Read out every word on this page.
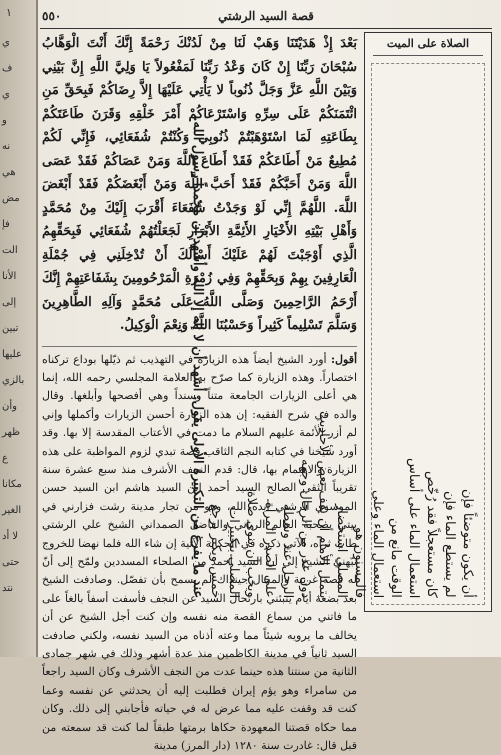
١
ي
ف
ي
و
نه
هي
مض
فإ
الت
الأنا
إلى
تبين
عليها
بالزي
وأن
ظهر
ع
مكانا
الغير
لا أد
حتى
نتد
قصة السيد الرشتي
٥٥٠
بَعْدَ إِذْ هَدَيْتَنَا وَهَبْ لَنَا مِنْ لَدُنْكَ رَحْمَةً إِنَّكَ أَنْتَ الْوَهَّابُ سُبْحَانَ رَبِّنَا إِنْ كَانَ وَعْدُ رَبِّنَا لَمَفْعُولاً يَا وَلِيَّ اللَّهِ إِنَّ بَيْنِي وَبَيْنَ اللَّهِ عَزَّ وَجَلَّ ذُنُوباً لا يَأْتِي عَلَيْهَا إِلاَّ رِضَاكُمْ فَبِحَقِّ مَنِ ائْتَمَنَكُمْ عَلَى سِرِّهِ وَاسْتَرْعَاكُمْ أَمْرَ خَلْقِهِ وَقَرَنَ طَاعَتَكُمْ بِطَاعَتِهِ لَمَا اسْتَوْهَبْتُمْ ذُنُوبِي وَكُنْتُمْ شُفَعَائِي، فَإِنِّي لَكُمْ مُطِيعٌ مَنْ أَطَاعَكُمْ فَقَدْ أَطَاعَ اللَّهَ وَمَنْ عَصَاكُمْ فَقَدْ عَصَى اللَّهَ وَمَنْ أَحَبَّكُمْ فَقَدْ أَحَبَّ اللَّهَ وَمَنْ أَبْغَضَكُمْ فَقَدْ أَبْغَضَ اللَّهَ. اللَّهُمَّ إِنِّي لَوْ وَجَدْتُ شُفَعَاءَ أَقْرَبَ إِلَيْكَ مِنْ مُحَمَّدٍ وَأَهْلِ بَيْتِهِ الأَخْيَارِ الأَئِمَّةِ الأَبْرَارِ لَجَعَلْتُهُمْ شُفَعَائِي فَبِحَقِّهِمُ الَّذِي أَوْجَبْتَ لَهُمْ عَلَيْكَ أَسْأَلُكَ أَنْ تُدْخِلَنِي فِي جُمْلَةِ الْعَارِفِينَ بِهِمْ وَبِحَقِّهِمْ وَفِي زُمْرَةِ الْمَرْحُومِينَ بِشَفَاعَتِهِمْ إِنَّكَ أَرْحَمُ الرَّاحِمِينَ وَصَلَّى اللَّهُ عَلَى مُحَمَّدٍ وَآلِهِ الطَّاهِرِينَ وَسَلَّمَ تَسْلِيماً كَثِيراً وَحَسْبُنَا اللَّهُ وَنِعْمَ الْوَكِيلُ.
أقول: أورد الشيخ أيضاً هذه الزيارة في التهذيب ثم ذيّلها بوداع تركناه اختصاراً. وهذه الزيارة كما صرّح به العلامة المجلسي رحمه الله، إنما هي أعلى الزيارات الجامعة متناً وسنداً وهي أفصحها وأبلغها. وقال والده في شرح الفقيه: إن هذه الزيارة أحسن الزيارات وأكملها وإني لم أزر الأئمة عليهم السلام ما دمت في الأعتاب المقدسة إلا بها. وقد أورد شيخنا في كتابه النجم الثاقب قصة تبدي لزوم المواظبة على هذه الزيارة والاهتمام بها، قال: قدم النجف الأشرف منذ سبع عشرة سنة تقريباً التقي الصالح السيد أحمد ابن السيد هاشم ابن السيد حسن الموسوي الرشتي أيده الله، وهو من تجار مدينة رشت فزارني في بيتي بصحبة العالم الرباني والفاضل الصمداني الشيخ علي الرشتي طاب ثراه، الآتي ذكره في الحكاية الآتية إن شاء الله فلما نهضا للخروج نبّهني الشيخ إلى أن السيد أحمد من الصلحاء المسددين ولمّح إلى أنّ له قصة غريبة والمجال حينذاك لم يسمح بأن تفصّل. وصادفت الشيخ بعد بضعة أيام ينبئني بارتحال السيد عن النجف فأسفت أسفاً بالغاً على ما فاتني من سماع القصة منه نفسه وإن كنت أجل الشيخ عن أن يخالف ما يرويه شيئاً مما وعته أذناه من السيد نفسه، ولكني صادفت السيد ثانياً في مدينة الكاظمين منذ عدة أشهر وذلك في شهر جمادى الثانية من سنتنا هذه حينما عدت من النجف الأشرف وكان السيد راجعاً من سامراء وهو يؤم إيران فطلبت إليه أن يحدثني عن نفسه وعما كنت قد وقفت عليه مما عرض له في حياته فأجابني إلى ذلك. وكان مما حكاه قصتنا المعهودة حكاها برمتها طبقاً لما كنت قد سمعته من قبل قال: غادرت سنة ١٢٨٠ (دار المرز) مدينة
الصلاة على الميت
أن يكون متوضئاً فإن
لم يستطع الماء فإن
كان مستعجلاً فقد رُخّص
استعمال الماء على أساس
الوقت مانع من
استعمال الماء وعلى
فالمسنون هو
المصلي استحضار
يتمثل الأمام أن يقف بعض الأحاديث
دون عذر من الرجال وجهه
الرجل عند وسطه
على الصدر المرأة
ويجب أن ينوي صلاة
المصلي بتكبيرات
خمس ويكبر يرجع
عند ما يفرغ من التكبيرة الأولى يقول: أشهد أن لا إله إلا الله وأشهد أن محمداً رسول الله.
